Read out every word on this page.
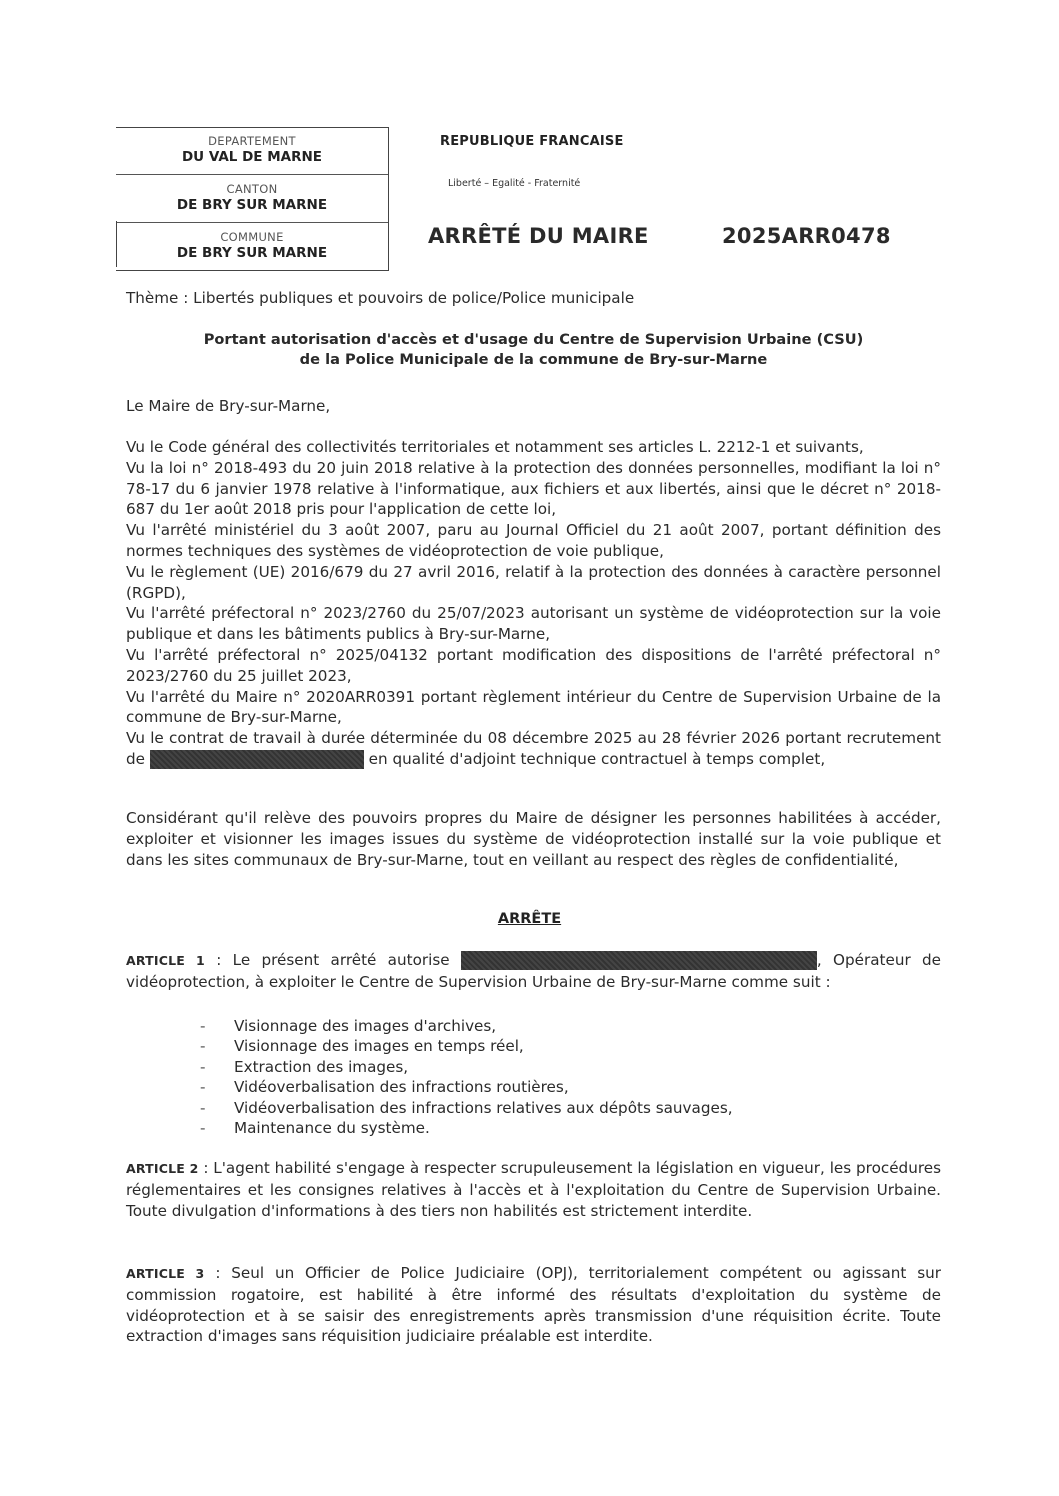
DEPARTEMENT
DU VAL DE MARNE
CANTON
DE BRY SUR MARNE
COMMUNE
DE BRY SUR MARNE
REPUBLIQUE FRANCAISE
Liberté – Egalité - Fraternité
ARRÊTÉ DU MAIRE	2025ARR0478
Thème : Libertés publiques et pouvoirs de police/Police municipale
Portant autorisation d'accès et d'usage du Centre de Supervision Urbaine (CSU)
de la Police Municipale de la commune de Bry-sur-Marne
Le Maire de Bry-sur-Marne,

Vu le Code général des collectivités territoriales et notamment ses articles L. 2212-1 et suivants,

Vu la loi n° 2018-493 du 20 juin 2018 relative à la protection des données personnelles, modifiant la loi n° 78-17 du 6 janvier 1978 relative à l'informatique, aux fichiers et aux libertés, ainsi que le décret n° 2018-687 du 1er août 2018 pris pour l'application de cette loi,

Vu l'arrêté ministériel du 3 août 2007, paru au Journal Officiel du 21 août 2007, portant définition des normes techniques des systèmes de vidéoprotection de voie publique,

Vu le règlement (UE) 2016/679 du 27 avril 2016, relatif à la protection des données à caractère personnel (RGPD),

Vu l'arrêté préfectoral n° 2023/2760 du 25/07/2023 autorisant un système de vidéoprotection sur la voie publique et dans les bâtiments publics à Bry-sur-Marne,

Vu l'arrêté préfectoral n° 2025/04132 portant modification des dispositions de l'arrêté préfectoral n° 2023/2760 du 25 juillet 2023,

Vu l'arrêté du Maire n° 2020ARR0391 portant règlement intérieur du Centre de Supervision Urbaine de la commune de Bry-sur-Marne,

Vu le contrat de travail à durée déterminée du 08 décembre 2025 au 28 février 2026 portant recrutement de	en qualité d'adjoint technique contractuel à temps complet,

Considérant qu'il relève des pouvoirs propres du Maire de désigner les personnes habilitées à accéder, exploiter et visionner les images issues du système de vidéoprotection installé sur la voie publique et dans les sites communaux de Bry-sur-Marne, tout en veillant au respect des règles de confidentialité,
ARRÊTE
ARTICLE 1 : Le présent arrêté autorise	, Opérateur de vidéoprotection, à exploiter le Centre de Supervision Urbaine de Bry-sur-Marne comme suit :
-	Visionnage des images d'archives,
-	Visionnage des images en temps réel,
-	Extraction des images,
-	Vidéoverbalisation des infractions routières,
-	Vidéoverbalisation des infractions relatives aux dépôts sauvages,
-	Maintenance du système.
ARTICLE 2 : L'agent habilité s'engage à respecter scrupuleusement la législation en vigueur, les procédures réglementaires et les consignes relatives à l'accès et à l'exploitation du Centre de Supervision Urbaine. Toute divulgation d'informations à des tiers non habilités est strictement interdite.
ARTICLE 3 : Seul un Officier de Police Judiciaire (OPJ), territorialement compétent ou agissant sur commission rogatoire, est habilité à être informé des résultats d'exploitation du système de vidéoprotection et à se saisir des enregistrements après transmission d'une réquisition écrite. Toute extraction d'images sans réquisition judiciaire préalable est interdite.
